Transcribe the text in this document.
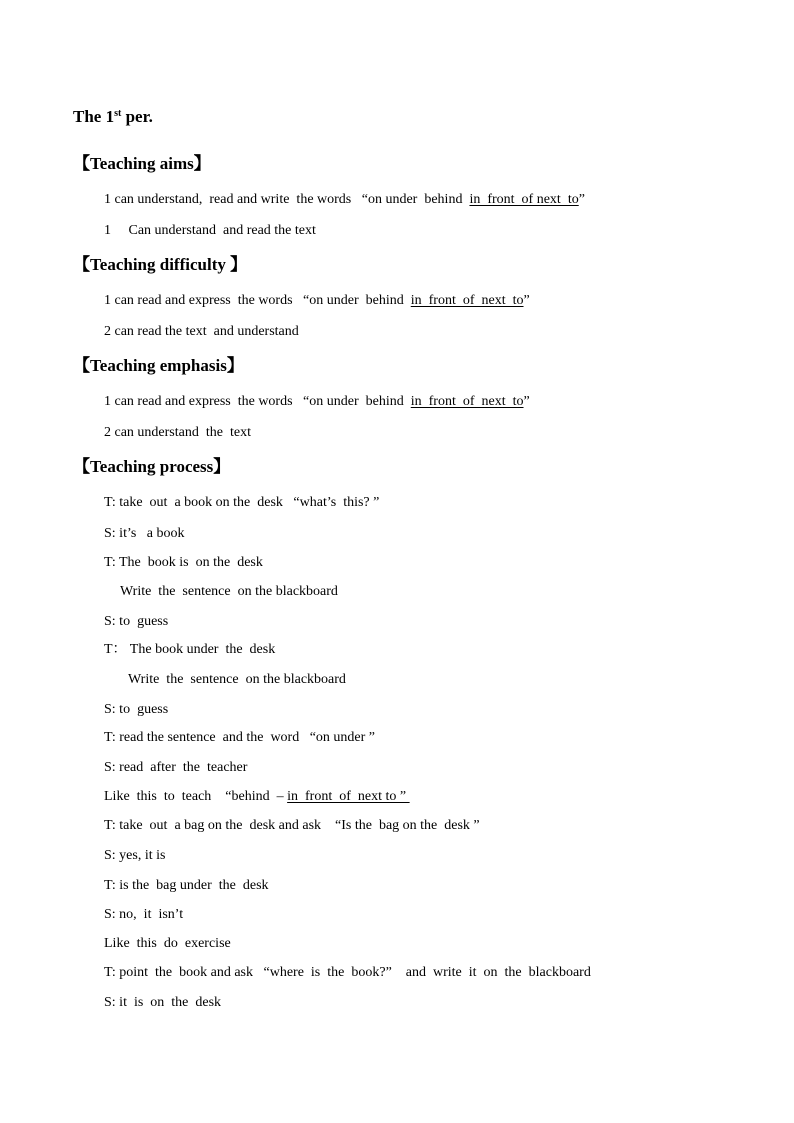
The 1st per.
【Teaching aims】
1 can understand,  read and write  the words   “on under  behind  in  front  of next  to”
1     Can understand  and read the text
【Teaching difficulty 】
1 can read and express  the words   “on under  behind  in  front  of  next  to”
2 can read the text  and understand
【Teaching emphasis】
1 can read and express  the words   “on under  behind  in  front  of  next  to”
2 can understand  the  text
【Teaching process】
T: take  out  a book on the  desk   “what’s  this? ”
S: it’s   a book
T: The  book is  on the  desk
Write  the  sentence  on the blackboard
S: to  guess
T： The book under  the  desk
Write  the  sentence  on the blackboard
S: to  guess
T: read the sentence  and the  word   “on under ”
S: read  after  the  teacher
Like  this  to  teach    “behind  – in  front  of  next to ”
T: take  out  a bag on the  desk and ask    “Is the  bag on the  desk ”
S: yes, it is
T: is the  bag under  the  desk
S: no,  it  isn’t
Like  this  do  exercise
T: point  the  book and ask   “where  is  the  book?”    and  write  it  on  the  blackboard
S: it  is  on  the  desk
